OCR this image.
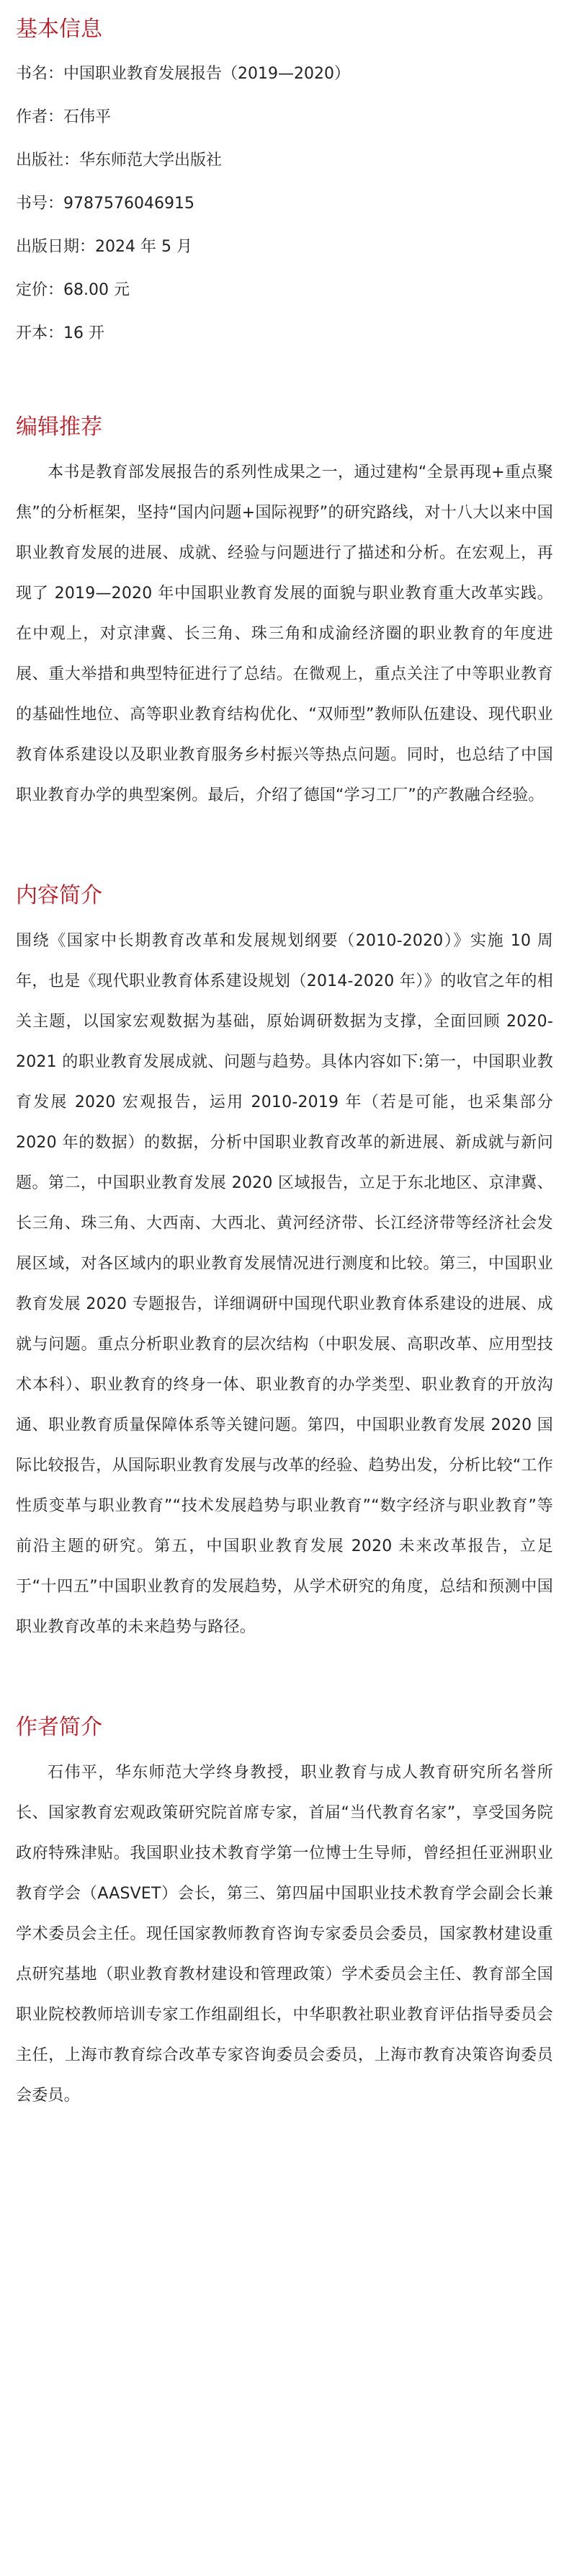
基本信息
书名：中国职业教育发展报告（2019—2020）
作者：石伟平
出版社：华东师范大学出版社
书号：9787576046915
出版日期：2024 年 5 月
定价：68.00 元
开本：16 开
编辑推荐

本书是教育部发展报告的系列性成果之一，通过建构“全景再现+重点聚焦”的分析框架，坚持“国内问题+国际视野”的研究路线，对十八大以来中国职业教育发展的进展、成就、经验与问题进行了描述和分析。在宏观上，再现了 2019—2020 年中国职业教育发展的面貌与职业教育重大改革实践。在中观上，对京津冀、长三角、珠三角和成渝经济圈的职业教育的年度进展、重大举措和典型特征进行了总结。在微观上，重点关注了中等职业教育的基础性地位、高等职业教育结构优化、“双师型”教师队伍建设、现代职业教育体系建设以及职业教育服务乡村振兴等热点问题。同时，也总结了中国职业教育办学的典型案例。最后，介绍了德国“学习工厂”的产教融合经验。

内容简介

围绕《国家中长期教育改革和发展规划纲要（2010-2020）》实施 10 周年，也是《现代职业教育体系建设规划（2014-2020 年）》的收官之年的相关主题，以国家宏观数据为基础，原始调研数据为支撑，全面回顾 2020-2021 的职业教育发展成就、问题与趋势。具体内容如下:第一，中国职业教育发展 2020 宏观报告，运用 2010-2019 年（若是可能，也采集部分 2020 年的数据）的数据，分析中国职业教育改革的新进展、新成就与新问题。第二，中国职业教育发展 2020 区域报告，立足于东北地区、京津冀、长三角、珠三角、大西南、大西北、黄河经济带、长江经济带等经济社会发展区域，对各区域内的职业教育发展情况进行测度和比较。第三，中国职业教育发展 2020 专题报告，详细调研中国现代职业教育体系建设的进展、成就与问题。重点分析职业教育的层次结构（中职发展、高职改革、应用型技术本科）、职业教育的终身一体、职业教育的办学类型、职业教育的开放沟通、职业教育质量保障体系等关键问题。第四，中国职业教育发展 2020 国际比较报告，从国际职业教育发展与改革的经验、趋势出发，分析比较“工作性质变革与职业教育”“技术发展趋势与职业教育”“数字经济与职业教育”等前沿主题的研究。第五，中国职业教育发展 2020 未来改革报告，立足于“十四五”中国职业教育的发展趋势，从学术研究的角度，总结和预测中国职业教育改革的未来趋势与路径。

作者简介

石伟平，华东师范大学终身教授，职业教育与成人教育研究所名誉所长、国家教育宏观政策研究院首席专家，首届“当代教育名家”，享受国务院政府特殊津贴。我国职业技术教育学第一位博士生导师，曾经担任亚洲职业教育学会（AASVET）会长，第三、第四届中国职业技术教育学会副会长兼学术委员会主任。现任国家教师教育咨询专家委员会委员，国家教材建设重点研究基地（职业教育教材建设和管理政策）学术委员会主任、教育部全国职业院校教师培训专家工作组副组长，中华职教社职业教育评估指导委员会主任，上海市教育综合改革专家咨询委员会委员，上海市教育决策咨询委员会委员。
